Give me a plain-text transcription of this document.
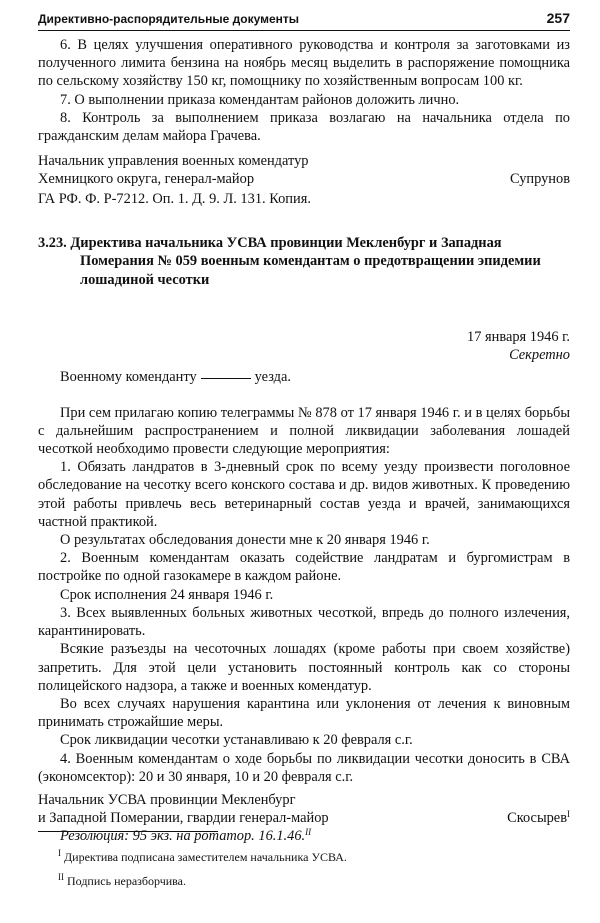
Директивно-распорядительные документы	257

6. В целях улучшения оперативного руководства и контроля за заготовками из полученного лимита бензина на ноябрь месяц выделить в распоряжение помощника по сельскому хозяйству 150 кг, помощнику по хозяйственным вопросам 100 кг.

7. О выполнении приказа комендантам районов доложить лично.

8. Контроль за выполнением приказа возлагаю на начальника отдела по гражданским делам майора Грачева.

Начальник управления военных комендатур

Хемницкого округа, генерал-майор	Супрунов

ГА РФ. Ф. Р-7212. Оп. 1. Д. 9. Л. 131. Копия.

3.23. Директива начальника УСВА провинции Мекленбург и Западная Померания № 059 военным комендантам о предотвращении эпидемии лошадиной чесотки

17 января 1946 г.

Секретно

Военному коменданту	уезда.

При сем прилагаю копию телеграммы № 878 от 17 января 1946 г. и в целях борьбы с дальнейшим распространением и полной ликвидации заболевания лошадей чесоткой необходимо провести следующие мероприятия:

1. Обязать ландратов в 3-дневный срок по всему уезду произвести поголовное обследование на чесотку всего конского состава и др. видов животных. К проведению этой работы привлечь весь ветеринарный состав уезда и врачей, занимающихся частной практикой.

О результатах обследования донести мне к 20 января 1946 г.

2. Военным комендантам оказать содействие ландратам и бургомистрам в постройке по одной газокамере в каждом районе.

Срок исполнения 24 января 1946 г.

3. Всех выявленных больных животных чесоткой, впредь до полного излечения, карантинировать.

Всякие разъезды на чесоточных лошадях (кроме работы при своем хозяйстве) запретить. Для этой цели установить постоянный контроль как со стороны полицейского надзора, а также и военных комендатур.

Во всех случаях нарушения карантина или уклонения от лечения к виновным принимать строжайшие меры.

Срок ликвидации чесотки устанавливаю к 20 февраля с.г.

4. Военным комендантам о ходе борьбы по ликвидации чесотки доносить в СВА (экономсектор): 20 и 30 января, 10 и 20 февраля с.г.

Начальник УСВА провинции Мекленбург

и Западной Померании, гвардии генерал-майор	Скосырев$^I$

Резолюция: 95 экз. на ротатор. 16.1.46.$^{II}$

$^I$ Директива подписана заместителем начальника УСВА.

$^{II}$ Подпись неразборчива.
